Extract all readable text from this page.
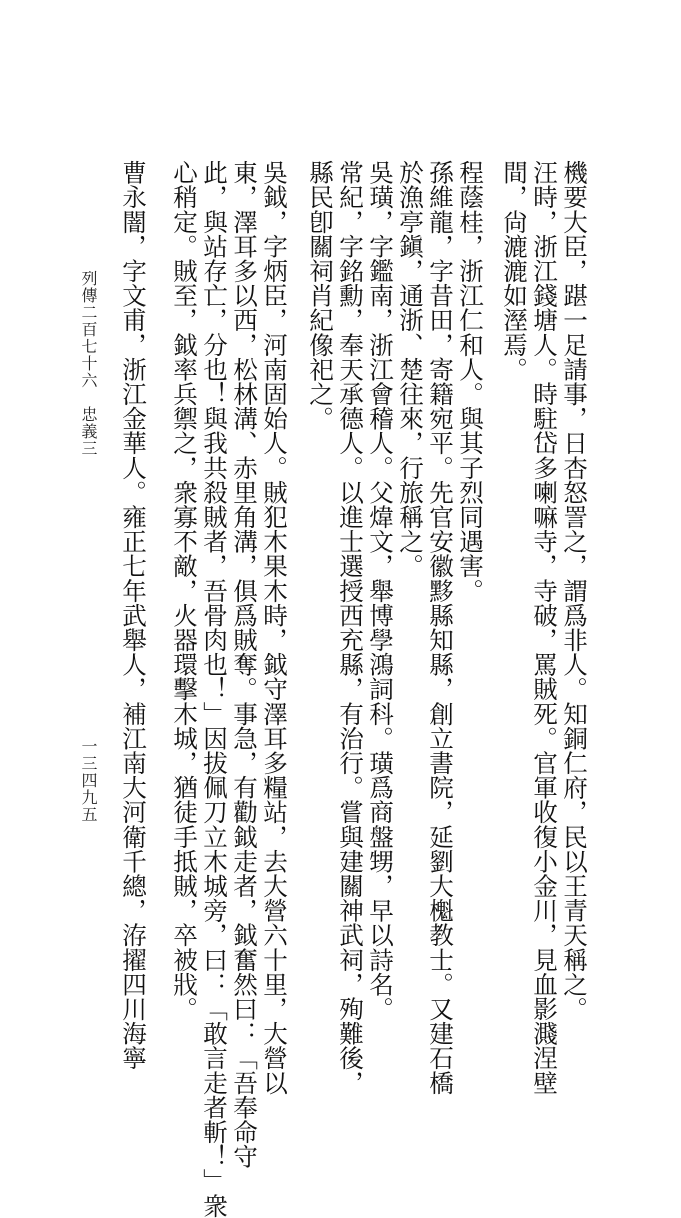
機要大臣，踸一足請事，日杏怒詈之，謂爲非人。知銅仁府，民以王青天稱之。
汪時，浙江錢塘人。時駐岱多喇嘛寺，寺破，罵賊死。官軍收復小金川，見血影濺涅壁
間，尙漉漉如溼焉。
程蔭桂，浙江仁和人。與其子烈同遇害。
孫維龍，字昔田，寄籍宛平。先官安徽黟縣知縣，創立書院，延劉大櫆教士。又建石橋
於漁亭鎭，通浙、楚往來，行旅稱之。
吳璜，字鑑南，浙江會稽人。父煒文，舉博學鴻詞科。璜爲商盤甥，早以詩名。
常紀，字銘勳，奉天承德人。以進士選授西充縣，有治行。嘗與建關神武祠，殉難後，
縣民卽關祠肖紀像祀之。
吳鉞，字炳臣，河南固始人。賊犯木果木時，鉞守澤耳多糧站，去大營六十里，大營以
東，澤耳多以西，松林溝、赤里角溝，俱爲賊奪。事急，有勸鉞走者，鉞奮然曰：「吾奉命守
此，與站存亡，分也！與我共殺賊者，吾骨肉也！」因拔佩刀立木城旁，曰：「敢言走者斬！」衆
心稍定。賊至，鉞率兵禦之，衆寡不敵，火器環擊木城，猶徒手抵賊，卒被戕。
曹永闇，字文甫，浙江金華人。雍正七年武舉人，補江南大河衛千總，洊擢四川海寧
列傳二百七十六　忠義三
一三四九五
